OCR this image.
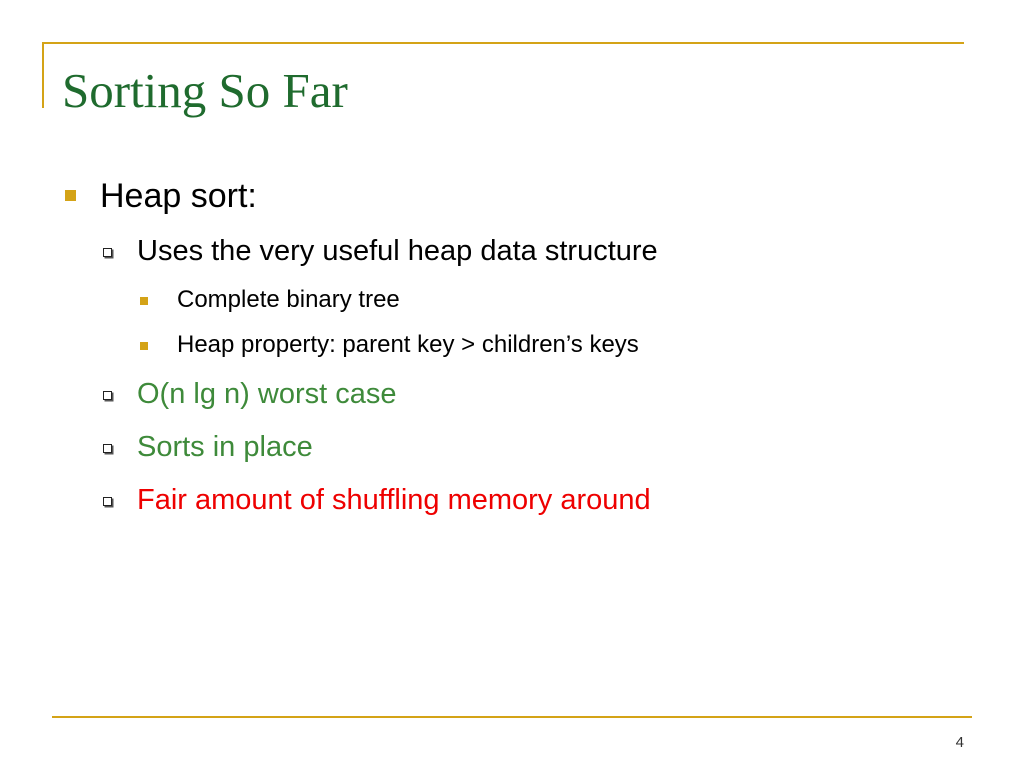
Sorting So Far
Heap sort:
Uses the very useful heap data structure
Complete binary tree
Heap property: parent key > children’s keys
O(n lg n) worst case
Sorts in place
Fair amount of shuffling memory around
4
